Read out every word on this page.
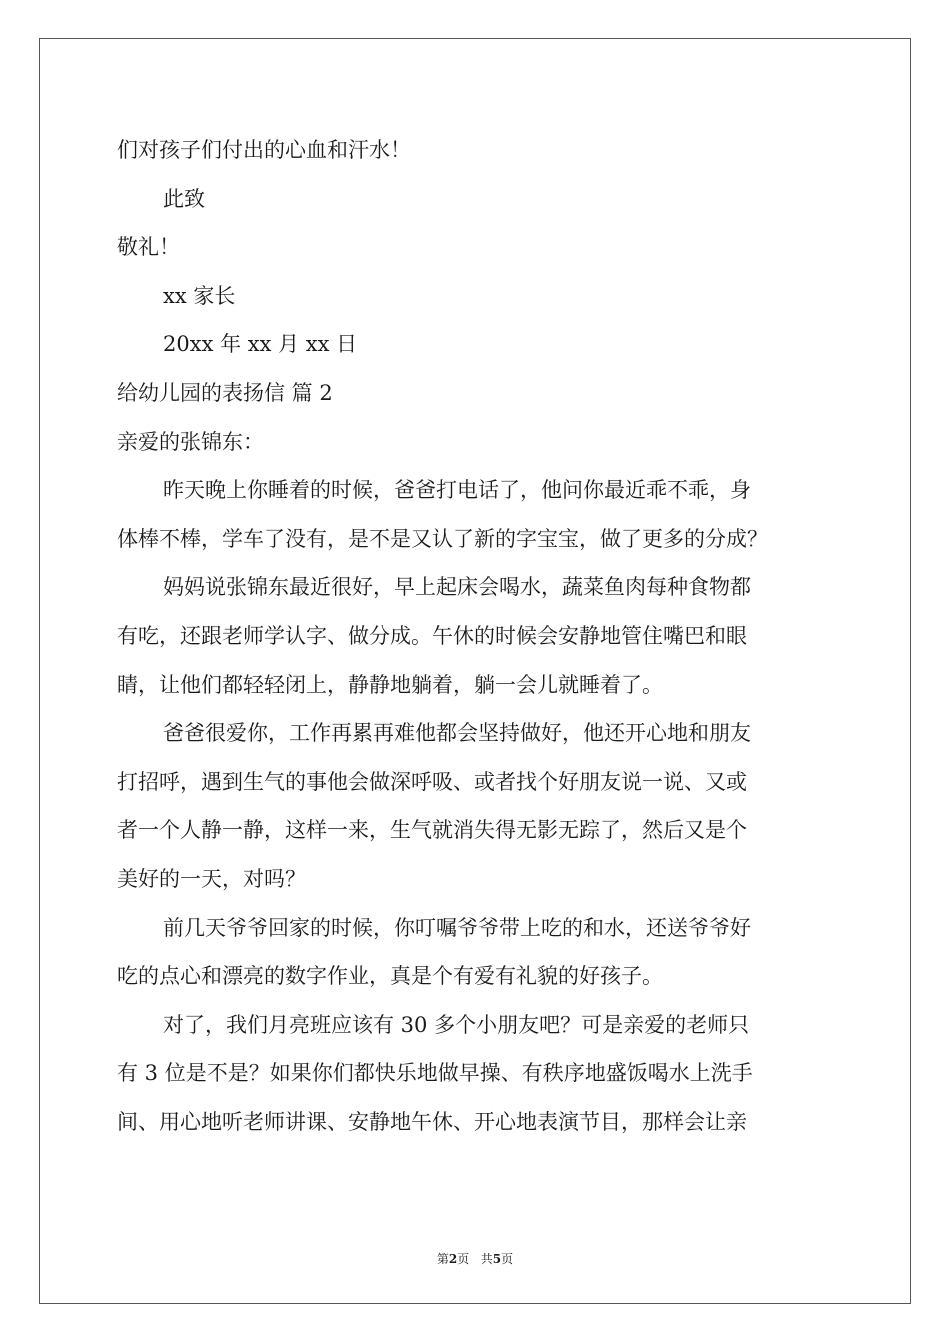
们对孩子们付出的心血和汗水！

此致

敬礼！

xx 家长

20xx 年 xx 月 xx 日

给幼儿园的表扬信 篇 2

亲爱的张锦东：

昨天晚上你睡着的时候，爸爸打电话了，他问你最近乖不乖，身

体棒不棒，学车了没有，是不是又认了新的字宝宝，做了更多的分成？

妈妈说张锦东最近很好，早上起床会喝水，蔬菜鱼肉每种食物都

有吃，还跟老师学认字、做分成。午休的时候会安静地管住嘴巴和眼

睛，让他们都轻轻闭上，静静地躺着，躺一会儿就睡着了。

爸爸很爱你，工作再累再难他都会坚持做好，他还开心地和朋友

打招呼，遇到生气的事他会做深呼吸、或者找个好朋友说一说、又或

者一个人静一静，这样一来，生气就消失得无影无踪了，然后又是个

美好的一天，对吗？

前几天爷爷回家的时候，你叮嘱爷爷带上吃的和水，还送爷爷好

吃的点心和漂亮的数字作业，真是个有爱有礼貌的好孩子。

对了，我们月亮班应该有 30 多个小朋友吧？可是亲爱的老师只

有 3 位是不是？如果你们都快乐地做早操、有秩序地盛饭喝水上洗手

间、用心地听老师讲课、安静地午休、开心地表演节目，那样会让亲

第2页   共5页
